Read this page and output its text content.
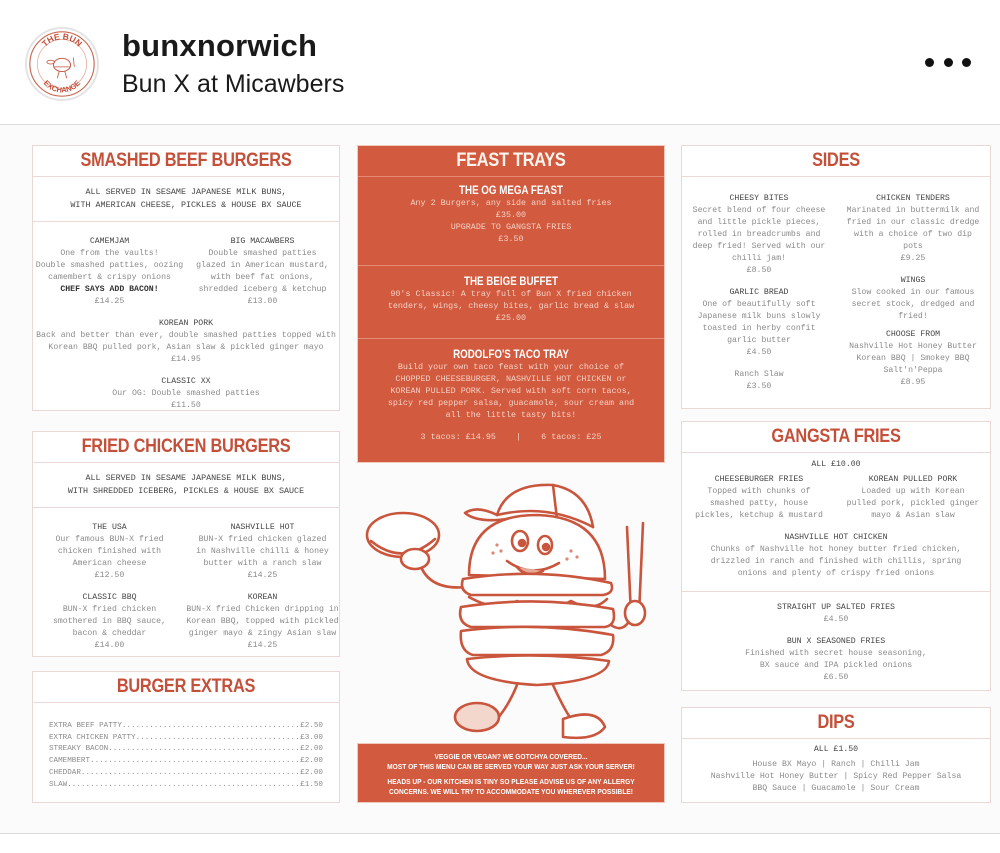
THE BUN
EXCHANGE
bunxnorwich
Bun X at Micawbers
SMASHED BEEF BURGERS
ALL SERVED IN SESAME JAPANESE MILK BUNS,
WITH AMERICAN CHEESE, PICKLES & HOUSE BX SAUCE
CAMEMJAM
One from the vaults!
Double smashed patties, oozing
camembert & crispy onions
CHEF SAYS ADD BACON!
£14.25
BIG MACAWBERS
Double smashed patties
glazed in American mustard,
with beef fat onions,
shredded iceberg & ketchup
£13.00
KOREAN PORK
Back and better than ever, double smashed patties topped with
Korean BBQ pulled pork, Asian slaw & pickled ginger mayo
£14.95
CLASSIC XX
Our OG: Double smashed patties
£11.50
FRIED CHICKEN BURGERS
ALL SERVED IN SESAME JAPANESE MILK BUNS,
WITH SHREDDED ICEBERG, PICKLES & HOUSE BX SAUCE
THE USA
Our famous BUN-X fried
chicken finished with
American cheese
£12.50
NASHVILLE HOT
BUN-X fried chicken glazed
in Nashville chilli & honey
butter with a ranch slaw
£14.25
CLASSIC BBQ
BUN-X fried chicken
smothered in BBQ sauce,
bacon & cheddar
£14.00
KOREAN
BUN-X fried Chicken dripping in
Korean BBQ, topped with pickled
ginger mayo & zingy Asian slaw
£14.25
BURGER EXTRAS
EXTRA BEEF PATTY .....	£2.50
EXTRA CHICKEN PATTY .....	£3.00
STREAKY BACON .....	£2.00
CAMEMBERT .....	£2.00
CHEDDAR .....	£2.00
SLAW .....	£1.50
FEAST TRAYS
THE OG MEGA FEAST
Any 2 Burgers, any side and salted fries
£35.00
UPGRADE TO GANGSTA FRIES
£3.50
THE BEIGE BUFFET
90's Classic! A tray full of Bun X fried chicken
tenders, wings, cheesy bites, garlic bread & slaw
£25.00
RODOLFO'S TACO TRAY
Build your own taco feast with your choice of
CHOPPED CHEESEBURGER, NASHVILLE HOT CHICKEN or
KOREAN PULLED PORK. Served with soft corn tacos,
spicy red pepper salsa, guacamole, sour cream and
all the little tasty bits!
3 tacos: £14.95 | 6 tacos: £25

VEGGIE OR VEGAN? WE GOTCHYA COVERED...
MOST OF THIS MENU CAN BE SERVED YOUR WAY JUST ASK YOUR SERVER!

HEADS UP - OUR KITCHEN IS TINY SO PLEASE ADVISE US OF ANY ALLERGY
CONCERNS. WE WILL TRY TO ACCOMMODATE YOU WHEREVER POSSIBLE!

SIDES
CHEESY BITES
Secret blend of four cheese
and little pickle pieces,
rolled in breadcrumbs and
deep fried! Served with our
chilli jam!
£8.50
GARLIC BREAD
One of beautifully soft
Japanese milk buns slowly
toasted in herby confit
garlic butter
£4.50
Ranch Slaw
£3.50
CHICKEN TENDERS
Marinated in buttermilk and
fried in our classic dredge
with a choice of two dip
pots
£9.25
WINGS
Slow cooked in our famous
secret stock, dredged and
fried!
CHOOSE FROM
Nashville Hot Honey Butter
Korean BBQ | Smokey BBQ
Salt'n'Peppa
£8.95
GANGSTA FRIES
ALL £10.00
CHEESEBURGER FRIES
Topped with chunks of
smashed patty, house
pickles, ketchup & mustard
KOREAN PULLED PORK
Loaded up with Korean
pulled pork, pickled ginger
mayo & Asian slaw
NASHVILLE HOT CHICKEN
Chunks of Nashville hot honey butter fried chicken,
drizzled in ranch and finished with chillis, spring
onions and plenty of crispy fried onions
STRAIGHT UP SALTED FRIES
£4.50
BUN X SEASONED FRIES
Finished with secret house seasoning,
BX sauce and IPA pickled onions
£6.50
DIPS
ALL £1.50
House BX Mayo | Ranch | Chilli Jam
Nashville Hot Honey Butter | Spicy Red Pepper Salsa
BBQ Sauce | Guacamole | Sour Cream
